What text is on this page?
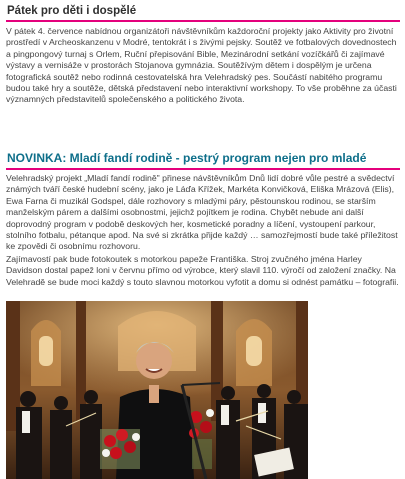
Pátek pro děti i dospělé

V pátek 4. července nabídnou organizátoři návštěvníkům každoroční projekty jako Aktivity pro životní prostředí v Archeoskanzenu v Modré, tentokrát i s živými pejsky. Soutěž ve fotbalových dovednostech a pingpongový turnaj s Orlem, Ruční přepisování Bible, Mezinárodní setkání vozíčkářů či zajímavé výstavy a vernisáže v prostorách Stojanova gymnázia. Soutěžívým dětem i dospělým je určena fotografická soutěž nebo rodinná cestovatelská hra Velehradský pes. Součástí nabitého programu budou také hry a soutěže, dětská představení nebo interaktivní workshopy. To vše proběhne za účasti významných představitelů společenského a politického života.

NOVINKA: Mladí fandí rodině - pestrý program nejen pro mladé

Velehradský projekt „Mladí fandí rodině" přinese návštěvníkům Dnů lidí dobré vůle pestré a svědectví známých tváří české hudební scény, jako je Láďa Křížek, Markéta Konvičková, Eliška Mrázová (Elis), Ewa Farna či muzikál Godspel, dále rozhovory s mladými páry, pěstounskou rodinou, se starším manželským párem a dalšími osobnostmi, jejichž pojítkem je rodina. Chybět nebude ani další doprovodný program v podobě deskových her, kosmetické poradny a líčení, vystoupení parkour, stolního fotbalu, pétanque apod. Na své si zkrátka přijde každý … samozřejmostí bude také příležitost ke zpovědi či osobnímu rozhovoru.

Zajímavostí pak bude fotokoutek s motorkou papeže Františka. Stroj zvučného jména Harley Davidson dostal papež loni v červnu přímo od výrobce, který slavil 110. výročí od založení značky. Na Velehradě se bude moci každý s touto slavnou motorkou vyfotit a domu si odnést památku – fotografii.
